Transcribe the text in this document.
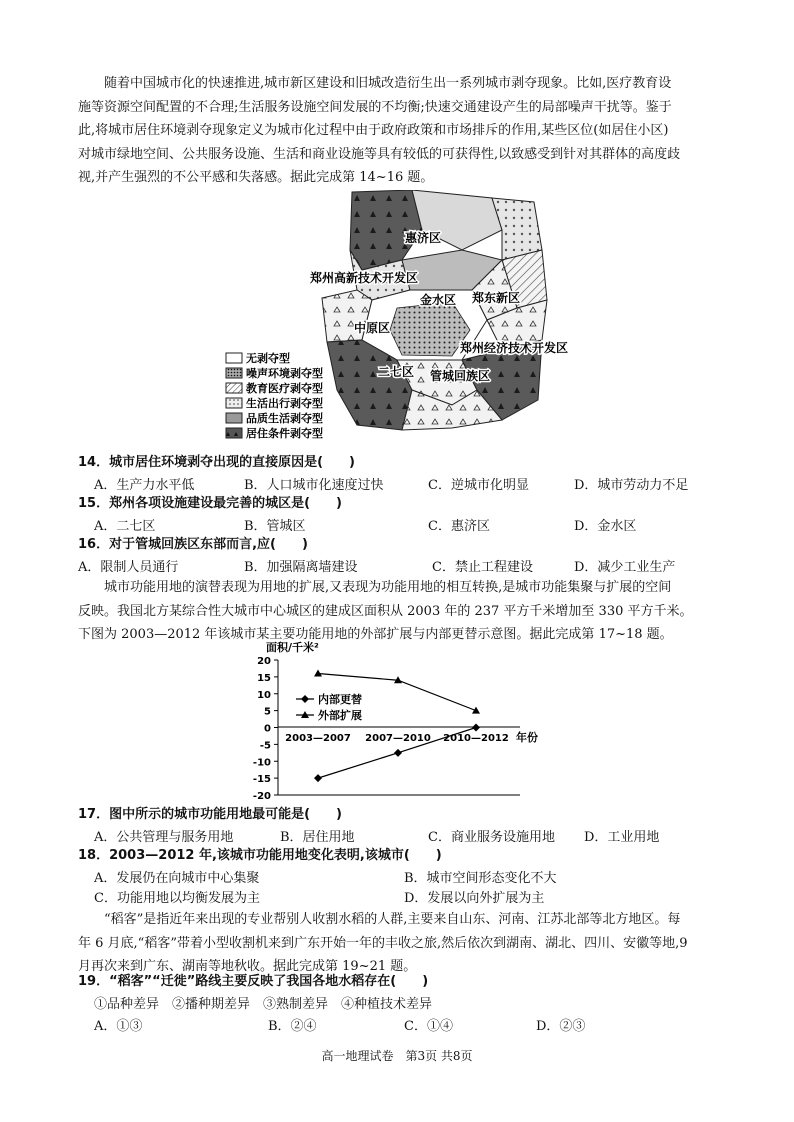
随着中国城市化的快速推进,城市新区建设和旧城改造衍生出一系列城市剥夺现象。比如,医疗教育设

施等资源空间配置的不合理;生活服务设施空间发展的不均衡;快速交通建设产生的局部噪声干扰等。鉴于

此,将城市居住环境剥夺现象定义为城市化过程中由于政府政策和市场排斥的作用,某些区位(如居住小区)

对城市绿地空间、公共服务设施、生活和商业设施等具有较低的可获得性,以致感受到针对其群体的高度歧

视,并产生强烈的不公平感和失落感。据此完成第 14~16 题。

惠济区
郑州高新技术开发区
金水区 郑东新区
中原区
郑州经济技术开发区
二七区 管城回族区
无剥夺型
噪声环境剥夺型
教育医疗剥夺型
生活出行剥夺型
品质生活剥夺型
居住条件剥夺型
14．城市居住环境剥夺出现的直接原因是(　　)
A．生产力水平低	B．人口城市化速度过快	C．逆城市化明显	D．城市劳动力不足
15．郑州各项设施建设最完善的城区是(　　)
A．二七区	B．管城区	C．惠济区	D．金水区
16．对于管城回族区东部而言,应(　　)
A．限制人员通行	B．加强隔离墙建设	C．禁止工程建设	D．减少工业生产

城市功能用地的演替表现为用地的扩展,又表现为功能用地的相互转换,是城市功能集聚与扩展的空间

反映。我国北方某综合性大城市中心城区的建成区面积从 2003 年的 237 平方千米增加至 330 平方千米。

下图为 2003—2012 年该城市某主要功能用地的外部扩展与内部更替示意图。据此完成第 17~18 题。

面积/千米²
20
15
10
5
0
-5
-10
-15
-20
2003—2007 2007—2010 2010—2012 年份
内部更替
外部扩展
17．图中所示的城市功能用地最可能是(　　)
A．公共管理与服务用地	B．居住用地	C．商业服务设施用地 D．工业用地
18．2003—2012 年,该城市功能用地变化表明,该城市(　　)
A．发展仍在向城市中心集聚	B．城市空间形态变化不大
C．功能用地以均衡发展为主	D．发展以向外扩展为主

“稻客”是指近年来出现的专业帮别人收割水稻的人群,主要来自山东、河南、江苏北部等北方地区。每

年 6 月底,“稻客”带着小型收割机来到广东开始一年的丰收之旅,然后依次到湖南、湖北、四川、安徽等地,9

月再次来到广东、湖南等地秋收。据此完成第 19~21 题。

19．“稻客”“迁徙”路线主要反映了我国各地水稻存在(　　)
①品种差异　②播种期差异　③熟制差异　④种植技术差异
A．①③	B．②④	C．①④	D．②③
高一地理试卷　第3页 共8页
